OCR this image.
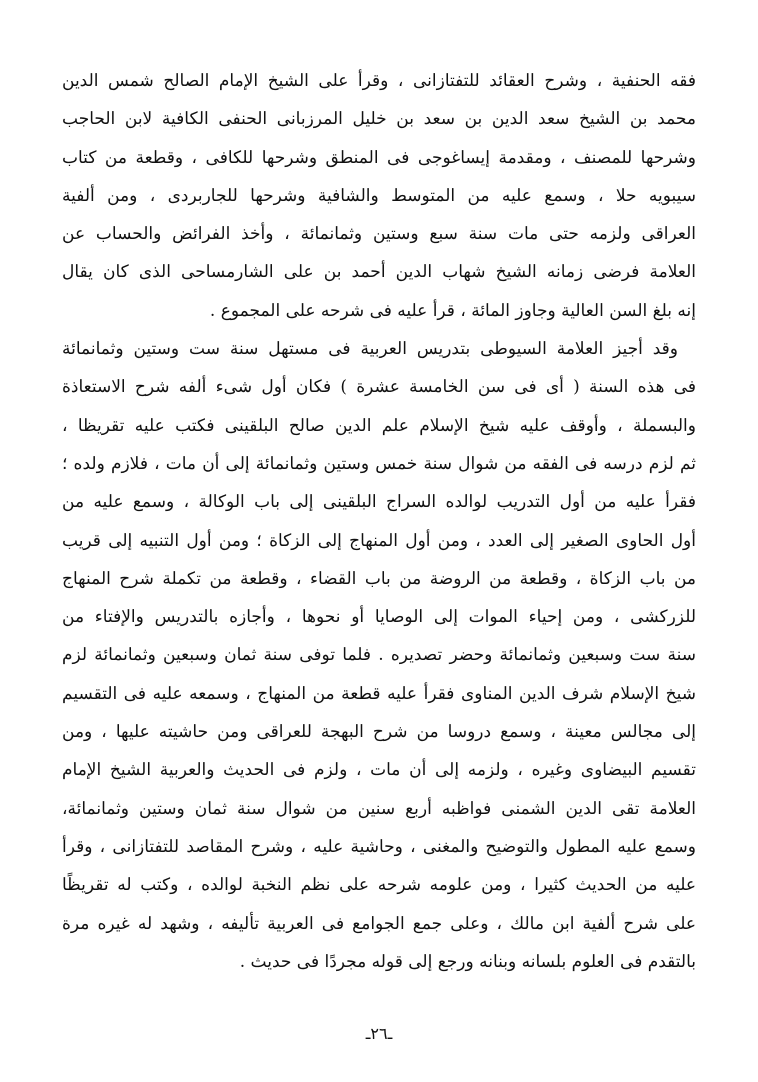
فقه الحنفية ، وشرح العقائد للتفتازانى ، وقرأ على الشيخ الإمام الصالح شمس الدين
محمد بن الشيخ سعد الدين بن سعد بن خليل المرزبانى الحنفى الكافية لابن الحاجب
وشرحها للمصنف ، ومقدمة إيساغوجى فى المنطق وشرحها للكافى ، وقطعة من كتاب
سيبويه حلا ، وسمع عليه من المتوسط والشافية وشرحها للجاربردى ، ومن ألفية
العراقى ولزمه حتى مات سنة سبع وستين وثمانمائة ، وأخذ الفرائض والحساب عن
العلامة فرضى زمانه الشيخ شهاب الدين أحمد بن على الشارمساحى الذى كان يقال
إنه بلغ السن العالية وجاوز المائة ، قرأ عليه فى شرحه على المجموع .
وقد أجيز العلامة السيوطى بتدريس العربية فى مستهل سنة ست وستين وثمانمائة
فى هذه السنة ( أى فى سن الخامسة عشرة ) فكان أول شىء ألفه شرح الاستعاذة
والبسملة ، وأوقف عليه شيخ الإسلام علم الدين صالح البلقينى فكتب عليه تقريظا ،
ثم لزم درسه فى الفقه من شوال سنة خمس وستين وثمانمائة إلى أن مات ، فلازم ولده ؛
فقرأ عليه من أول التدريب لوالده السراج البلقينى إلى باب الوكالة ، وسمع عليه من
أول الحاوى الصغير إلى العدد ، ومن أول المنهاج إلى الزكاة ؛ ومن أول التنبيه إلى قريب
من باب الزكاة ، وقطعة من الروضة من باب القضاء ، وقطعة من تكملة شرح المنهاج
للزركشى ، ومن إحياء الموات إلى الوصايا أو نحوها ، وأجازه بالتدريس والإفتاء من
سنة ست وسبعين وثمانمائة وحضر تصديره . فلما توفى سنة ثمان وسبعين وثمانمائة لزم
شيخ الإسلام شرف الدين المناوى فقرأ عليه قطعة من المنهاج ، وسمعه عليه فى التقسيم
إلى مجالس معينة ، وسمع دروسا من شرح البهجة للعراقى ومن حاشيته عليها ، ومن
تقسيم البيضاوى وغيره ، ولزمه إلى أن مات ، ولزم فى الحديث والعربية الشيخ الإمام
العلامة تقى الدين الشمنى فواظبه أربع سنين من شوال سنة ثمان وستين وثمانمائة،
وسمع عليه المطول والتوضيح والمغنى ، وحاشية عليه ، وشرح المقاصد للتفتازانى ، وقرأ
عليه من الحديث كثيرا ، ومن علومه شرحه على نظم النخبة لوالده ، وكتب له تقريظًا
على شرح ألفية ابن مالك ، وعلى جمع الجوامع فى العربية تأليفه ، وشهد له غيره مرة
بالتقدم فى العلوم بلسانه وبنانه ورجع إلى قوله مجردًا فى حديث .
ـ٢٦ـ
